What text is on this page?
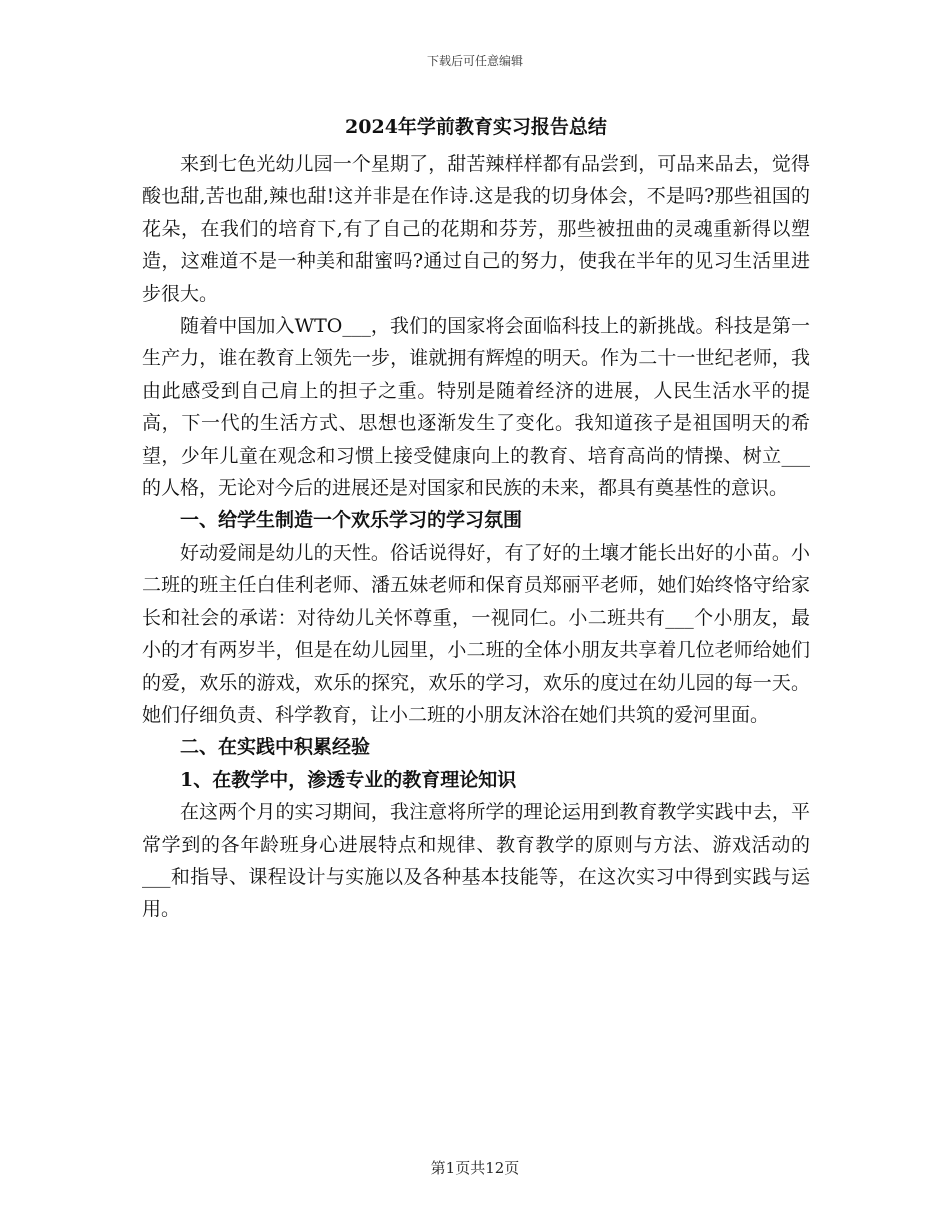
下载后可任意编辑
2024年学前教育实习报告总结
来到七色光幼儿园一个星期了，甜苦辣样样都有品尝到，可品来品去，觉得酸也甜,苦也甜,辣也甜!这并非是在作诗.这是我的切身体会，不是吗?那些祖国的花朵，在我们的培育下,有了自己的花期和芬芳，那些被扭曲的灵魂重新得以塑造，这难道不是一种美和甜蜜吗?通过自己的努力，使我在半年的见习生活里进步很大。
随着中国加入WTO___，我们的国家将会面临科技上的新挑战。科技是第一生产力，谁在教育上领先一步，谁就拥有辉煌的明天。作为二十一世纪老师，我由此感受到自己肩上的担子之重。特别是随着经济的进展，人民生活水平的提高，下一代的生活方式、思想也逐渐发生了变化。我知道孩子是祖国明天的希望，少年儿童在观念和习惯上接受健康向上的教育、培育高尚的情操、树立___的人格，无论对今后的进展还是对国家和民族的未来，都具有奠基性的意识。
一、给学生制造一个欢乐学习的学习氛围
好动爱闹是幼儿的天性。俗话说得好，有了好的土壤才能长出好的小苗。小二班的班主任白佳利老师、潘五妹老师和保育员郑丽平老师，她们始终恪守给家长和社会的承诺：对待幼儿关怀尊重，一视同仁。小二班共有___个小朋友，最小的才有两岁半，但是在幼儿园里，小二班的全体小朋友共享着几位老师给她们的爱，欢乐的游戏，欢乐的探究，欢乐的学习，欢乐的度过在幼儿园的每一天。她们仔细负责、科学教育，让小二班的小朋友沐浴在她们共筑的爱河里面。
二、在实践中积累经验
1、在教学中，渗透专业的教育理论知识
在这两个月的实习期间，我注意将所学的理论运用到教育教学实践中去，平常学到的各年龄班身心进展特点和规律、教育教学的原则与方法、游戏活动的___和指导、课程设计与实施以及各种基本技能等，在这次实习中得到实践与运用。
第1页共12页
